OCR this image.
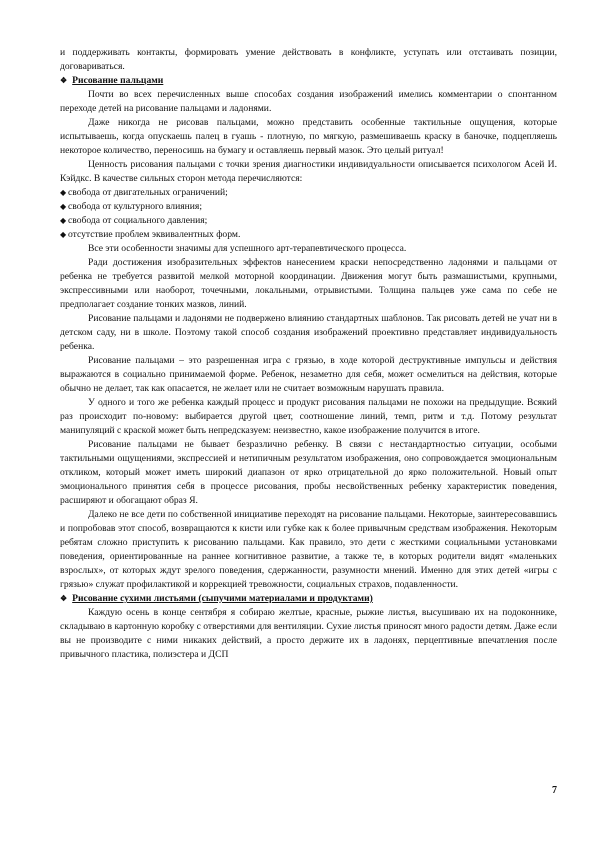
и поддерживать контакты, формировать умение действовать в конфликте, уступать или отстаивать позиции, договариваться.

❖ Рисование пальцами

Почти во всех перечисленных выше способах создания изображений имелись комментарии о спонтанном переходе детей на рисование пальцами и ладонями.

Даже никогда не рисовав пальцами, можно представить особенные тактильные ощущения, которые испытываешь, когда опускаешь палец в гуашь - плотную, по мягкую, размешиваешь краску в баночке, подцепляешь некоторое количество, переносишь на бумагу и оставляешь первый мазок. Это целый ритуал!

Ценность рисования пальцами с точки зрения диагностики индивидуальности описывается психологом Асей И. Кэйдкс. В качестве сильных сторон метода перечисляются:

◆ свобода от двигательных ограничений;
◆ свобода от культурного влияния;
◆ свобода от социального давления;
◆ отсутствие проблем эквивалентных форм.

Все эти особенности значимы для успешного арт-терапевтического процесса.

Ради достижения изобразительных эффектов нанесением краски непосредственно ладонями и пальцами от ребенка не требуется развитой мелкой моторной координации. Движения могут быть размашистыми, крупными, экспрессивными или наоборот, точечными, локальными, отрывистыми. Толщина пальцев уже сама по себе не предполагает создание тонких мазков, линий.

Рисование пальцами и ладонями не подвержено влиянию стандартных шаблонов. Так рисовать детей не учат ни в детском саду, ни в школе. Поэтому такой способ создания изображений проективно представляет индивидуальность ребенка.

Рисование пальцами – это разрешенная игра с грязью, в ходе которой деструктивные импульсы и действия выражаются в социально принимаемой форме. Ребенок, незаметно для себя, может осмелиться на действия, которые обычно не делает, так как опасается, не желает или не считает возможным нарушать правила.

У одного и того же ребенка каждый процесс и продукт рисования пальцами не похожи на предыдущие. Всякий раз происходит по-новому: выбирается другой цвет, соотношение линий, темп, ритм и т.д. Потому результат манипуляций с краской может быть непредсказуем: неизвестно, какое изображение получится в итоге.

Рисование пальцами не бывает безразлично ребенку. В связи с нестандартностью ситуации, особыми тактильными ощущениями, экспрессией и нетипичным результатом изображения, оно сопровождается эмоциональным откликом, который может иметь широкий диапазон от ярко отрицательной до ярко положительной. Новый опыт эмоционального принятия себя в процессе рисования, пробы несвойственных ребенку характеристик поведения, расширяют и обогащают образ Я.

Далеко не все дети по собственной инициативе переходят на рисование пальцами. Некоторые, заинтересовавшись и попробовав этот способ, возвращаются к кисти или губке как к более привычным средствам изображения. Некоторым ребятам сложно приступить к рисованию пальцами. Как правило, это дети с жесткими социальными установками поведения, ориентированные на раннее когнитивное развитие, а также те, в которых родители видят «маленьких взрослых», от которых ждут зрелого поведения, сдержанности, разумности мнений. Именно для этих детей «игры с грязью» служат профилактикой и коррекцией тревожности, социальных страхов, подавленности.

❖ Рисование сухими листьями (сыпучими материалами и продуктами)

Каждую осень в конце сентября я собираю желтые, красные, рыжие листья, высушиваю их на подоконнике, складываю в картонную коробку с отверстиями для вентиляции. Сухие листья приносят много радости детям. Даже если вы не производите с ними никаких действий, а просто держите их в ладонях, перцептивные впечатления после привычного пластика, полиэстера и ДСП

7
